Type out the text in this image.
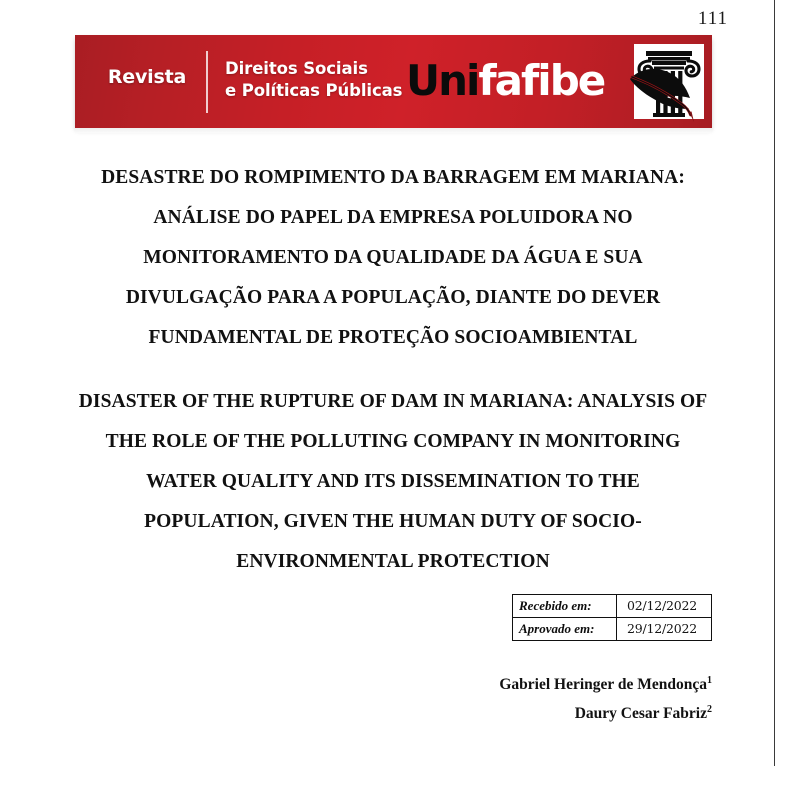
111
Revista	Direitos Sociais
e Políticas Públicas Unifafibe
DESASTRE DO ROMPIMENTO DA BARRAGEM EM MARIANA: ANÁLISE DO PAPEL DA EMPRESA POLUIDORA NO MONITORAMENTO DA QUALIDADE DA ÁGUA E SUA DIVULGAÇÃO PARA A POPULAÇÃO, DIANTE DO DEVER FUNDAMENTAL DE PROTEÇÃO SOCIOAMBIENTAL
DISASTER OF THE RUPTURE OF DAM IN MARIANA: ANALYSIS OF THE ROLE OF THE POLLUTING COMPANY IN MONITORING WATER QUALITY AND ITS DISSEMINATION TO THE POPULATION, GIVEN THE HUMAN DUTY OF SOCIO-ENVIRONMENTAL PROTECTION
Recebido em:	02/12/2022
Aprovado em:	29/12/2022
Gabriel Heringer de Mendonça$^1$
Daury Cesar Fabriz$^2$
